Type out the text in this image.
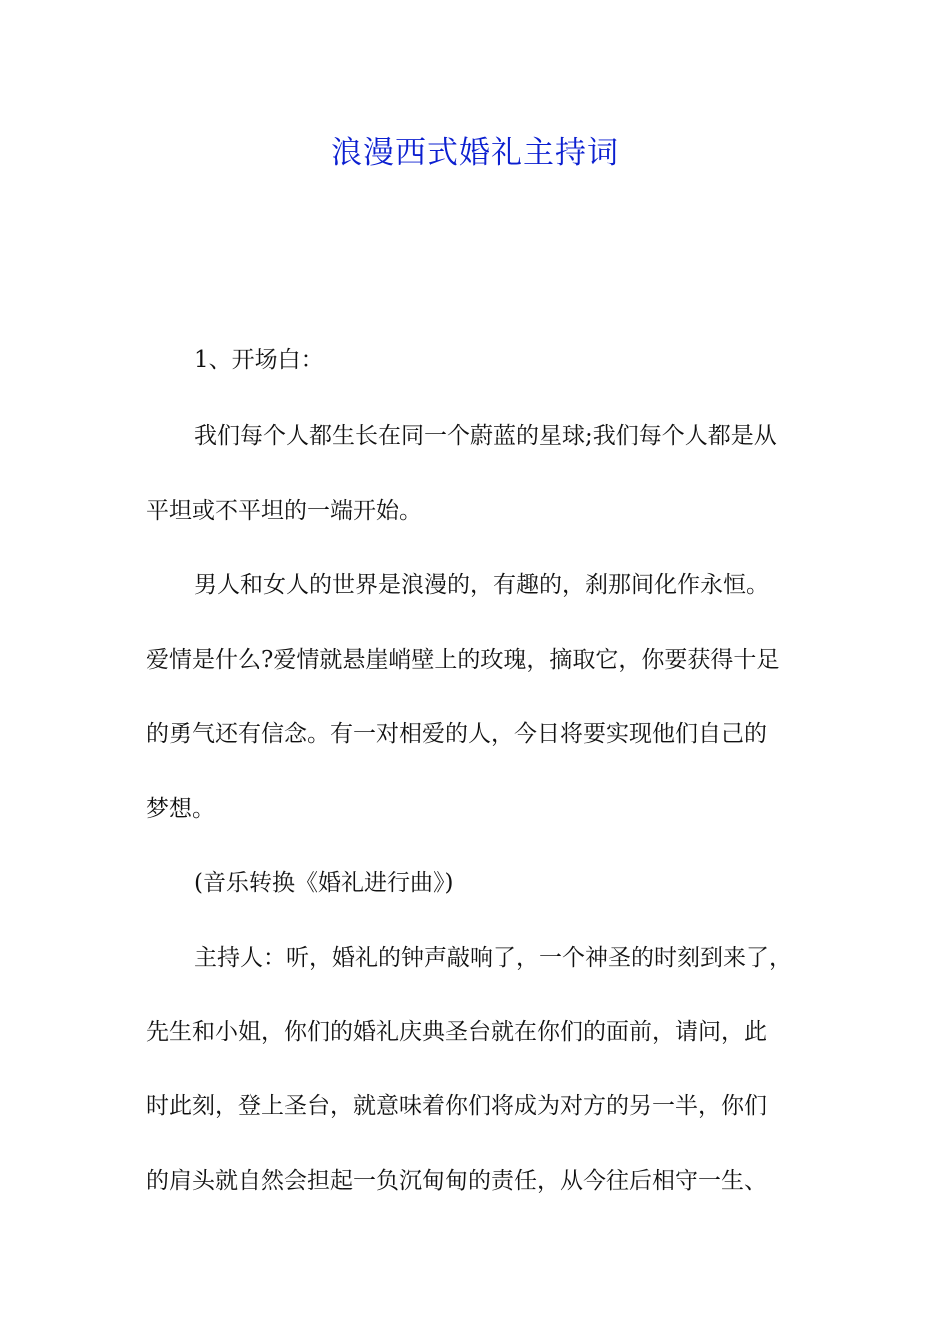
浪漫西式婚礼主持词
1、开场白：
我们每个人都生长在同一个蔚蓝的星球;我们每个人都是从
平坦或不平坦的一端开始。
男人和女人的世界是浪漫的，有趣的，刹那间化作永恒。
爱情是什么?爱情就悬崖峭壁上的玫瑰，摘取它，你要获得十足
的勇气还有信念。有一对相爱的人，今日将要实现他们自己的
梦想。
(音乐转换《婚礼进行曲》)
主持人：听，婚礼的钟声敲响了，一个神圣的时刻到来了，
先生和小姐，你们的婚礼庆典圣台就在你们的面前，请问，此
时此刻，登上圣台，就意味着你们将成为对方的另一半，你们
的肩头就自然会担起一负沉甸甸的责任，从今往后相守一生、
